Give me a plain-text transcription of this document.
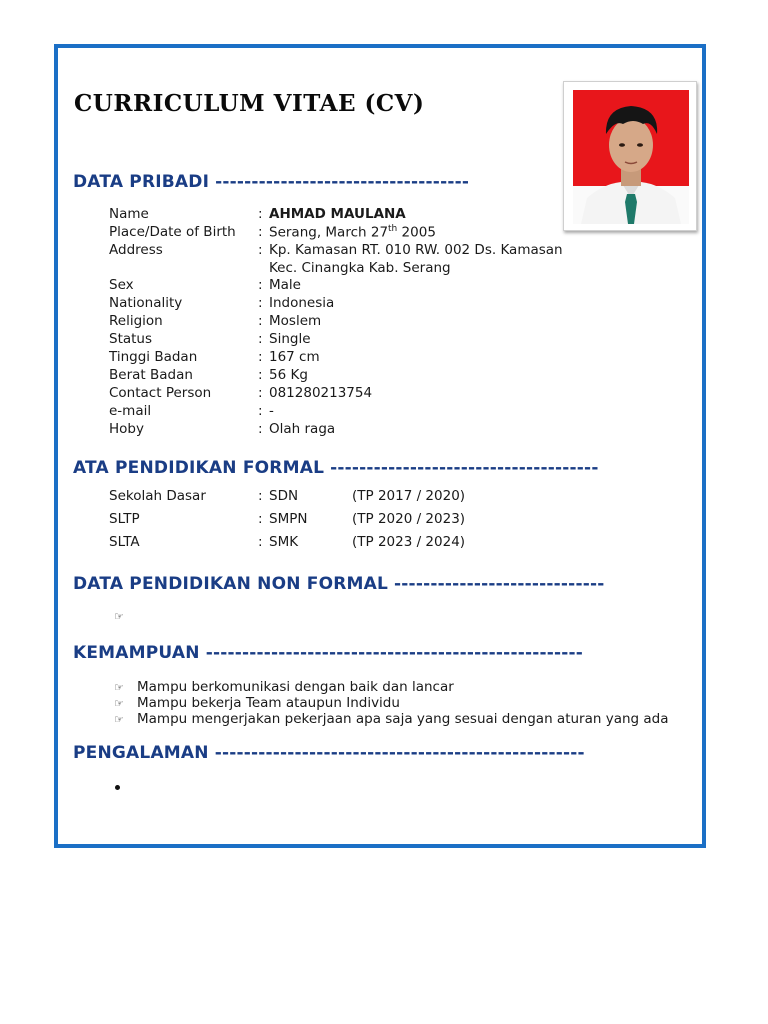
CURRICULUM VITAE (CV)
DATA PRIBADI -----------------------------------
Name	: AHMAD MAULANA
Place/Date of Birth : Serang, March 27th 2005
Address	: Kp. Kamasan RT. 010 RW. 002 Ds. Kamasan
Kec. Cinangka Kab. Serang
Sex	: Male
Nationality	: Indonesia
Religion	: Moslem
Status	: Single
Tinggi Badan	: 167 cm
Berat Badan	: 56 Kg
Contact Person	: 081280213754
e-mail	: -
Hoby	: Olah raga
ATA PENDIDIKAN FORMAL -------------------------------------
Sekolah Dasar	: SDN	(TP 2017 / 2020)
SLTP	: SMPN	(TP 2020 / 2023)
SLTA	: SMK	(TP 2023 / 2024)
DATA PENDIDIKAN NON FORMAL -----------------------------
☞
KEMAMPUAN ----------------------------------------------------
☞ Mampu berkomunikasi dengan baik dan lancar
☞ Mampu bekerja Team ataupun Individu
☞ Mampu mengerjakan pekerjaan apa saja yang sesuai dengan aturan yang ada
PENGALAMAN ---------------------------------------------------
